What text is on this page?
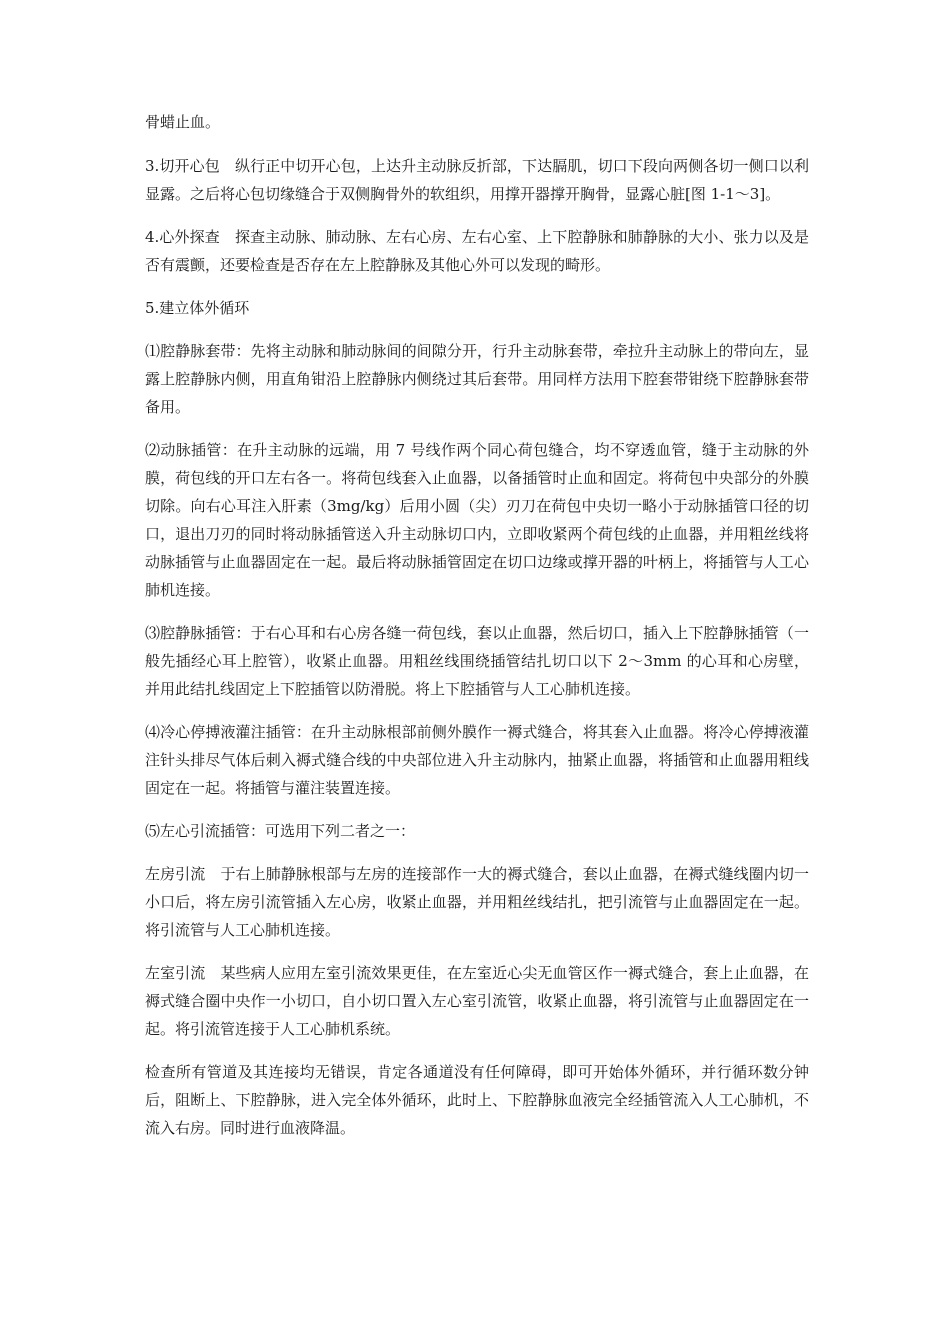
骨蜡止血。

3.切开心包　纵行正中切开心包，上达升主动脉反折部，下达膈肌，切口下段向两侧各切一侧口以利显露。之后将心包切缘缝合于双侧胸骨外的软组织，用撑开器撑开胸骨，显露心脏[图 1-1～3]。

4.心外探查　探查主动脉、肺动脉、左右心房、左右心室、上下腔静脉和肺静脉的大小、张力以及是否有震颤，还要检查是否存在左上腔静脉及其他心外可以发现的畸形。

5.建立体外循环

⑴腔静脉套带：先将主动脉和肺动脉间的间隙分开，行升主动脉套带，牵拉升主动脉上的带向左，显露上腔静脉内侧，用直角钳沿上腔静脉内侧绕过其后套带。用同样方法用下腔套带钳绕下腔静脉套带备用。

⑵动脉插管：在升主动脉的远端，用 7 号线作两个同心荷包缝合，均不穿透血管，缝于主动脉的外膜，荷包线的开口左右各一。将荷包线套入止血器，以备插管时止血和固定。将荷包中央部分的外膜切除。向右心耳注入肝素（3mg/kg）后用小圆（尖）刃刀在荷包中央切一略小于动脉插管口径的切口，退出刀刃的同时将动脉插管送入升主动脉切口内，立即收紧两个荷包线的止血器，并用粗丝线将动脉插管与止血器固定在一起。最后将动脉插管固定在切口边缘或撑开器的叶柄上，将插管与人工心肺机连接。

⑶腔静脉插管：于右心耳和右心房各缝一荷包线，套以止血器，然后切口，插入上下腔静脉插管（一般先插经心耳上腔管），收紧止血器。用粗丝线围绕插管结扎切口以下 2～3mm 的心耳和心房壁，并用此结扎线固定上下腔插管以防滑脱。将上下腔插管与人工心肺机连接。

⑷冷心停搏液灌注插管：在升主动脉根部前侧外膜作一褥式缝合，将其套入止血器。将冷心停搏液灌注针头排尽气体后刺入褥式缝合线的中央部位进入升主动脉内，抽紧止血器，将插管和止血器用粗线固定在一起。将插管与灌注装置连接。

⑸左心引流插管：可选用下列二者之一：

左房引流　于右上肺静脉根部与左房的连接部作一大的褥式缝合，套以止血器，在褥式缝线圈内切一小口后，将左房引流管插入左心房，收紧止血器，并用粗丝线结扎，把引流管与止血器固定在一起。将引流管与人工心肺机连接。

左室引流　某些病人应用左室引流效果更佳，在左室近心尖无血管区作一褥式缝合，套上止血器，在褥式缝合圈中央作一小切口，自小切口置入左心室引流管，收紧止血器，将引流管与止血器固定在一起。将引流管连接于人工心肺机系统。

检查所有管道及其连接均无错误，肯定各通道没有任何障碍，即可开始体外循环，并行循环数分钟后，阻断上、下腔静脉，进入完全体外循环，此时上、下腔静脉血液完全经插管流入人工心肺机，不流入右房。同时进行血液降温。
